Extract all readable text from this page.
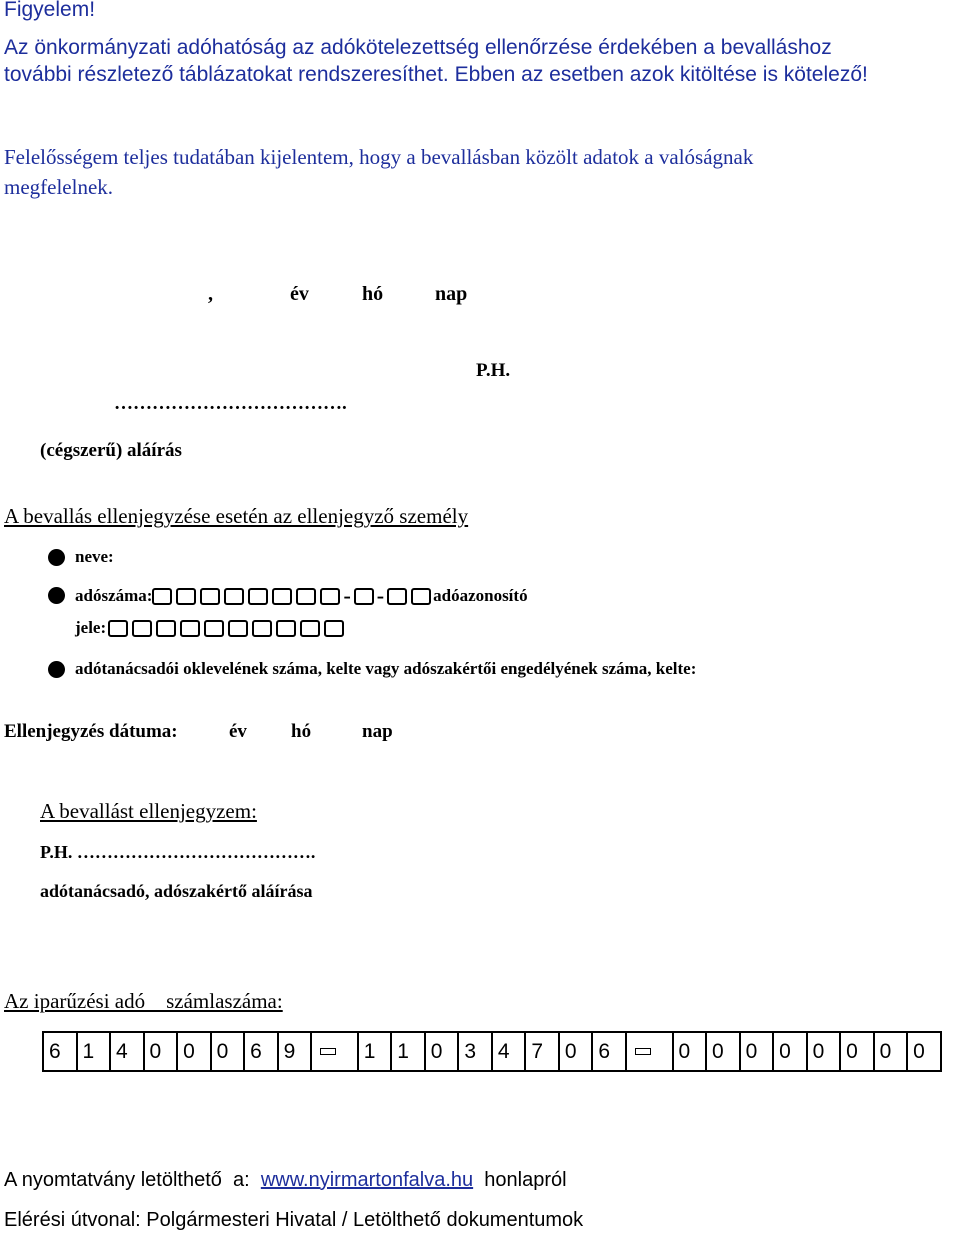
Figyelem!
Az önkormányzati adóhatóság az adókötelezettség ellenőrzése érdekében a bevalláshoz
további részletező táblázatokat rendszeresíthet. Ebben az esetben azok kitöltése is kötelező!
Felelősségem teljes tudatában kijelentem, hogy a bevallásban közölt adatok a valóságnak
megfelelnek.
,	év	hó	nap
P.H.
……………………………….
(cégszerű) aláírás
A bevallás ellenjegyzése esetén az ellenjegyző személy
neve:
adószáma:	- -	adóazonosító
jele:
adótanácsadói oklevelének száma, kelte vagy adószakértői engedélyének száma, kelte:
Ellenjegyzés dátuma:	év hó	nap
A bevallást ellenjegyzem:
P.H. ………………………………….
adótanácsadó, adószakértő aláírása
Az iparűzési adó    számlaszáma:
6	1	4	0	0	0	6	9		1	1	0	3	4	7	0	6		0	0	0	0	0	0	0	0
A nyomtatvány letölthető  a: www.nyirmartonfalva.hu honlapról
Elérési útvonal: Polgármesteri Hivatal / Letölthető dokumentumok
